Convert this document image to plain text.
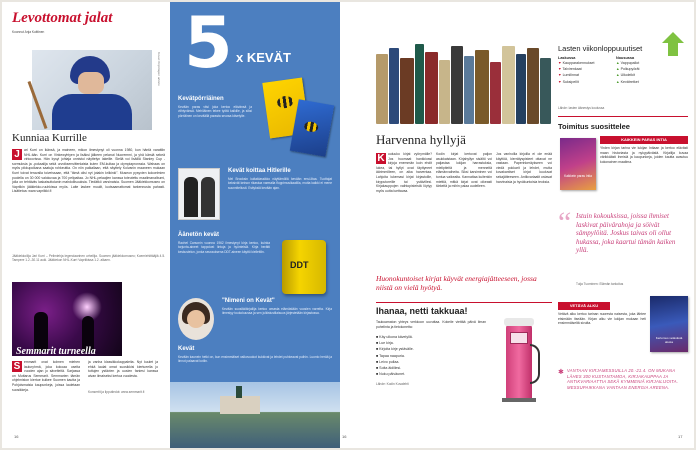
Levottomat jalat
Koonnut Anja Kuittinen
Kuvat: Kirjoittajien arkisto
Kunniaa Kurrille
J	ari Kurri on ikänsä, ja maineen, mikon ilmestynyt oli vuonna 1980, kun häntä varattiin NHL:ään. Kurri on Vinkewyhtyen ja lisäksi jälkeen pelanut Nuoremmi, ja yhä kärsiä sekeä virkoovissa. Hän kysyi johtaja onnistui näyttelyn lakeille. Siellä voi lisäillä Stanley Cup -sormuksia ja -pokaalija sekä urvoiksensittenlaista kuten EM-kultaa ja olympiapronssia. Wahaas on myös pikkupoikana saatuja rohkeuttia. On niin paikallaan, että näyttely Kolvanin maaneen mukaan Kurri toivat teravalla toiveissaan, että "tämä olisi nyt jotakin kriikinki". Museon pysyvien kokoelmien puolella on 30 000 valokuvaa ja 700 pelipaitaa. Jo NHL-pelaajien kanssa toteutettu maailmanalbumi, jolla on tehtäväs laskaisuttolanin mahdollisuuksia. Tiedätkö varsinaisia. Suomen Jääkiekkomuseo on Vapriikin jääkiekko-ruuhkissa myös. Laite laskee muulit, luotsaamattomat tarkennusta pahasti. Lisätietoa: www.vapriikki.fi
Jääkiekkoilija Jari Kurri – Pelimiehja legendaarinen urheilija. Suomen jääkiekkomuseo; Koemiehittääjiä 4.5. Tampere 1.2.-30.11 auki. Jääkiekon NHL-Kurri Vapriikissa 1.2. alkaen.
Semmarit turneella
S	emmarit ovat kolmen miehen lauluryhmä, joka kokoaa useita vuoden ajan jo sävelteitä. Sarjassa on Muttarus Semmarit. Semmarien tämän ohjelmiston kiertue kulkee Suomen kautta ja Pohjoismaisia kaupunkeja, joissa lauletaan suosikkeja.
ja vanha klassikkokappaleita. Nyt kuulet ja ehkä laulat omat suosikkisi kiertueella jo tuttujen ystävien ja uusien faniesi kanssa aivan ilmaiseksi kertoa vuodesta.
Konsertit ja lipputiedot: www.semmarit.fi
16
5 x KEVÄT
Kevätpörriäinen
Kevään paras vitsi joka kertoo elävänsä ja viihtyvänsä. Mehiläinen tekee työtä kaikille, ja siksi pörriäinen on keväällä parasta seuraa kävelylle.
Kevät koittaa Hitlerille
Mel Brooksin kultaklassikko näyttämöllä kevään ensi-iltaa. Tuottajat keksivät keinon rikastua varmalla floppimusikaalilla, mutta kaikki ei mene suunnitellusti. Esityksiä kevään ajan.
Äänetön kevät
Rachel Carsonin vuonna 1962 ilmestynyt kirja kertoo, kuinka torjunta-aineet tappoivat lintuja ja hyönteisiä. Kirja herätti keskustelun, jonka seurauksena DDT-aineen käyttö kiellettiin.
DDT
"Nimeni on Kevät"
Kevään suosikkikirjailija kertoo omasta elämästään vuosien varrelta. Kirja ilmestyy toukokuussa ja sen julkistustilaisuus järjestetään kirjastossa.
Kevät
Kevään kaunein hetki on, kun ensimmäiset valkovuokot kukkivat ja lehdet puhkeavat puihin. Luonto herää ja linnut palaavat kotiin.
16
Harvenna hyllyjä
K uuluuko kirjat vyörymälle? Jos huomaat hankkivasi kirjoja enemmän kuin ehdit lukea, tai hyllyt ovat täyttyneet äärimmilleen, on aika harventaa. Lahjoita lukemasi kirjat kirjastoille, kirpputoreille tai ystävillesi. Kirjakauppojen vaihtopisteistä löytyy myös uutta luettavaa.
Kodin kirjat kertovat paljon asukkaistaan. Kirjahyllyn sisältö voi paljastaa lukijan harrastuksia, mielipiteitä ja menneitä elämänvaiheita. Siksi karsiminen voi tuntua vaikealta. Kannattaa kuitenkin miettiä, mitkä kirjat ovat oikeasti tärkeitä ja mihin palaa uudelleen.
Jos vanhoilla kirjoilla ei ole enää käyttöä, kierrätyspisteet ottavat ne vastaan. Paperinkeräykseen voi viedä pokkarit ja lehdet, mutta kovakantiset kirjat kuuluvat sekajätteeseen. Antikvariaatit ostavat harvinaisia ja hyväkuntoisia teoksia.
Huonokuntoiset kirjat käyvät energiajätteeseen, jossa niistä on vielä hyötyä.
Ihanaa, netti takkuaa!
Taukoamaton yhteys verkkoon uuvuttaa. Kokeile viettää päivä ilman puhelinta ja tietokonetta:
■ Käy ulkona kävelyllä.
■ Lue kirja.
■ Kirjoita kirje ystävälle.
■ Tapaa naapuria.
■ Leivo pullaa.
■ Soita äidillesi.
■ Nuku päiväunet.
Lähde: Kodin Kuvalehti
Lasten viikonloppuuutiset
Laskussa
▼ Kaupparakennukset
▼ Talvirenkaat
▼ Lumilinnat
▼ Suksipellit
Nousussa
▲ Vappupallot
▲ Polkupyörät
▲ Ulkoleikit
▲ Kevätretket
Lähde: lasten äänestys koulussa
Toimitus suosittelee
KAIKKEIN PARAS INTIA
Kaikkein paras Intia
Yhden kirjan tarina vie lukijan Intiaan ja kertoo elävästi maan historiasta ja nykypäivästä. Kirjailija kuvaa värikkäästi ihmisiä ja kaupunkeja, joiden kautta avautuu kokonainen maailma.
“ Istuin kokouksissa, joissa ihmiset laskivat päivärahoja ja söivät sämpylöitä. Joskus taivas oli ollut hukassa, joka kaartui tämän kaiken yllä.
Tuija Tuominen: Elämän tarkoitus
VETÄVÄ ALKU
Vetävä alku kertoo tarinan nuoresta naisesta, joka lähtee etsimään itseään. Kirjan alku vie lukijan mukaan heti ensimmäiseltä sivulta.
Kertomus vetävästä alusta
✱ VANTAAN KIRJAMESSUILLA 20.-21.4. ON MUKANA LÄHES 300 KUSTANTAMOA, KIRJAKAUPPAA JA ANTIKVARIAATTIA SEKÄ KYMMENIÄ KIRJAILIJOITA. MESSUPAIKKANA VANTAAN ENERGIA AREENA.
17
